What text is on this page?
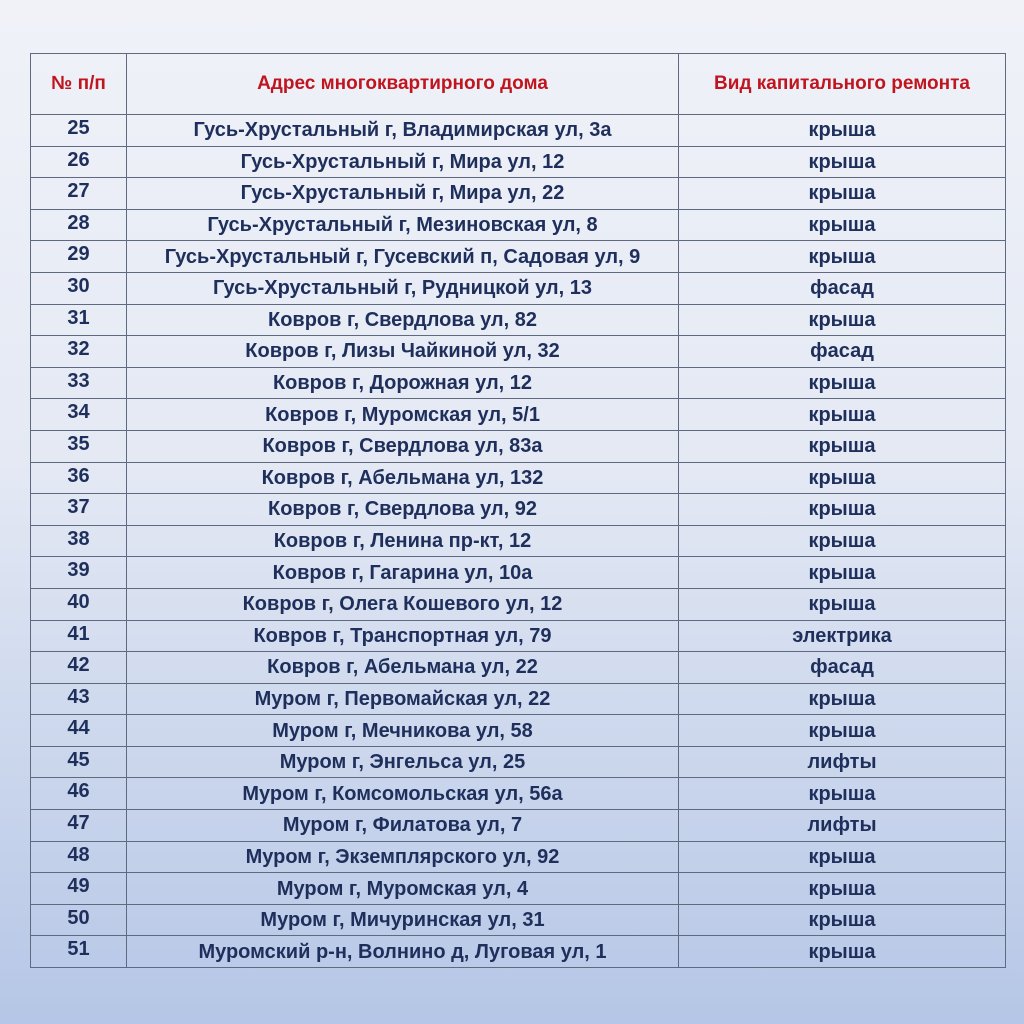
№ п/п	Адрес многоквартирного дома	Вид капитального ремонта
25	Гусь-Хрустальный г, Владимирская ул, 3а	крыша
26	Гусь-Хрустальный г, Мира ул, 12	крыша
27	Гусь-Хрустальный г, Мира ул, 22	крыша
28	Гусь-Хрустальный г, Мезиновская ул, 8	крыша
29	Гусь-Хрустальный г, Гусевский п, Садовая ул, 9	крыша
30	Гусь-Хрустальный г, Рудницкой ул, 13	фасад
31	Ковров г, Свердлова ул, 82	крыша
32	Ковров г, Лизы Чайкиной ул, 32	фасад
33	Ковров г, Дорожная ул, 12	крыша
34	Ковров г, Муромская ул, 5/1	крыша
35	Ковров г, Свердлова ул, 83а	крыша
36	Ковров г, Абельмана ул, 132	крыша
37	Ковров г, Свердлова ул, 92	крыша
38	Ковров г, Ленина пр-кт, 12	крыша
39	Ковров г, Гагарина ул, 10а	крыша
40	Ковров г, Олега Кошевого ул, 12	крыша
41	Ковров г, Транспортная ул, 79	электрика
42	Ковров г, Абельмана ул, 22	фасад
43	Муром г, Первомайская ул, 22	крыша
44	Муром г, Мечникова ул, 58	крыша
45	Муром г, Энгельса ул, 25	лифты
46	Муром г, Комсомольская ул, 56а	крыша
47	Муром г, Филатова ул, 7	лифты
48	Муром г, Экземплярского ул, 92	крыша
49	Муром г, Муромская ул, 4	крыша
50	Муром г, Мичуринская ул, 31	крыша
51	Муромский р-н, Волнино д, Луговая ул, 1	крыша
